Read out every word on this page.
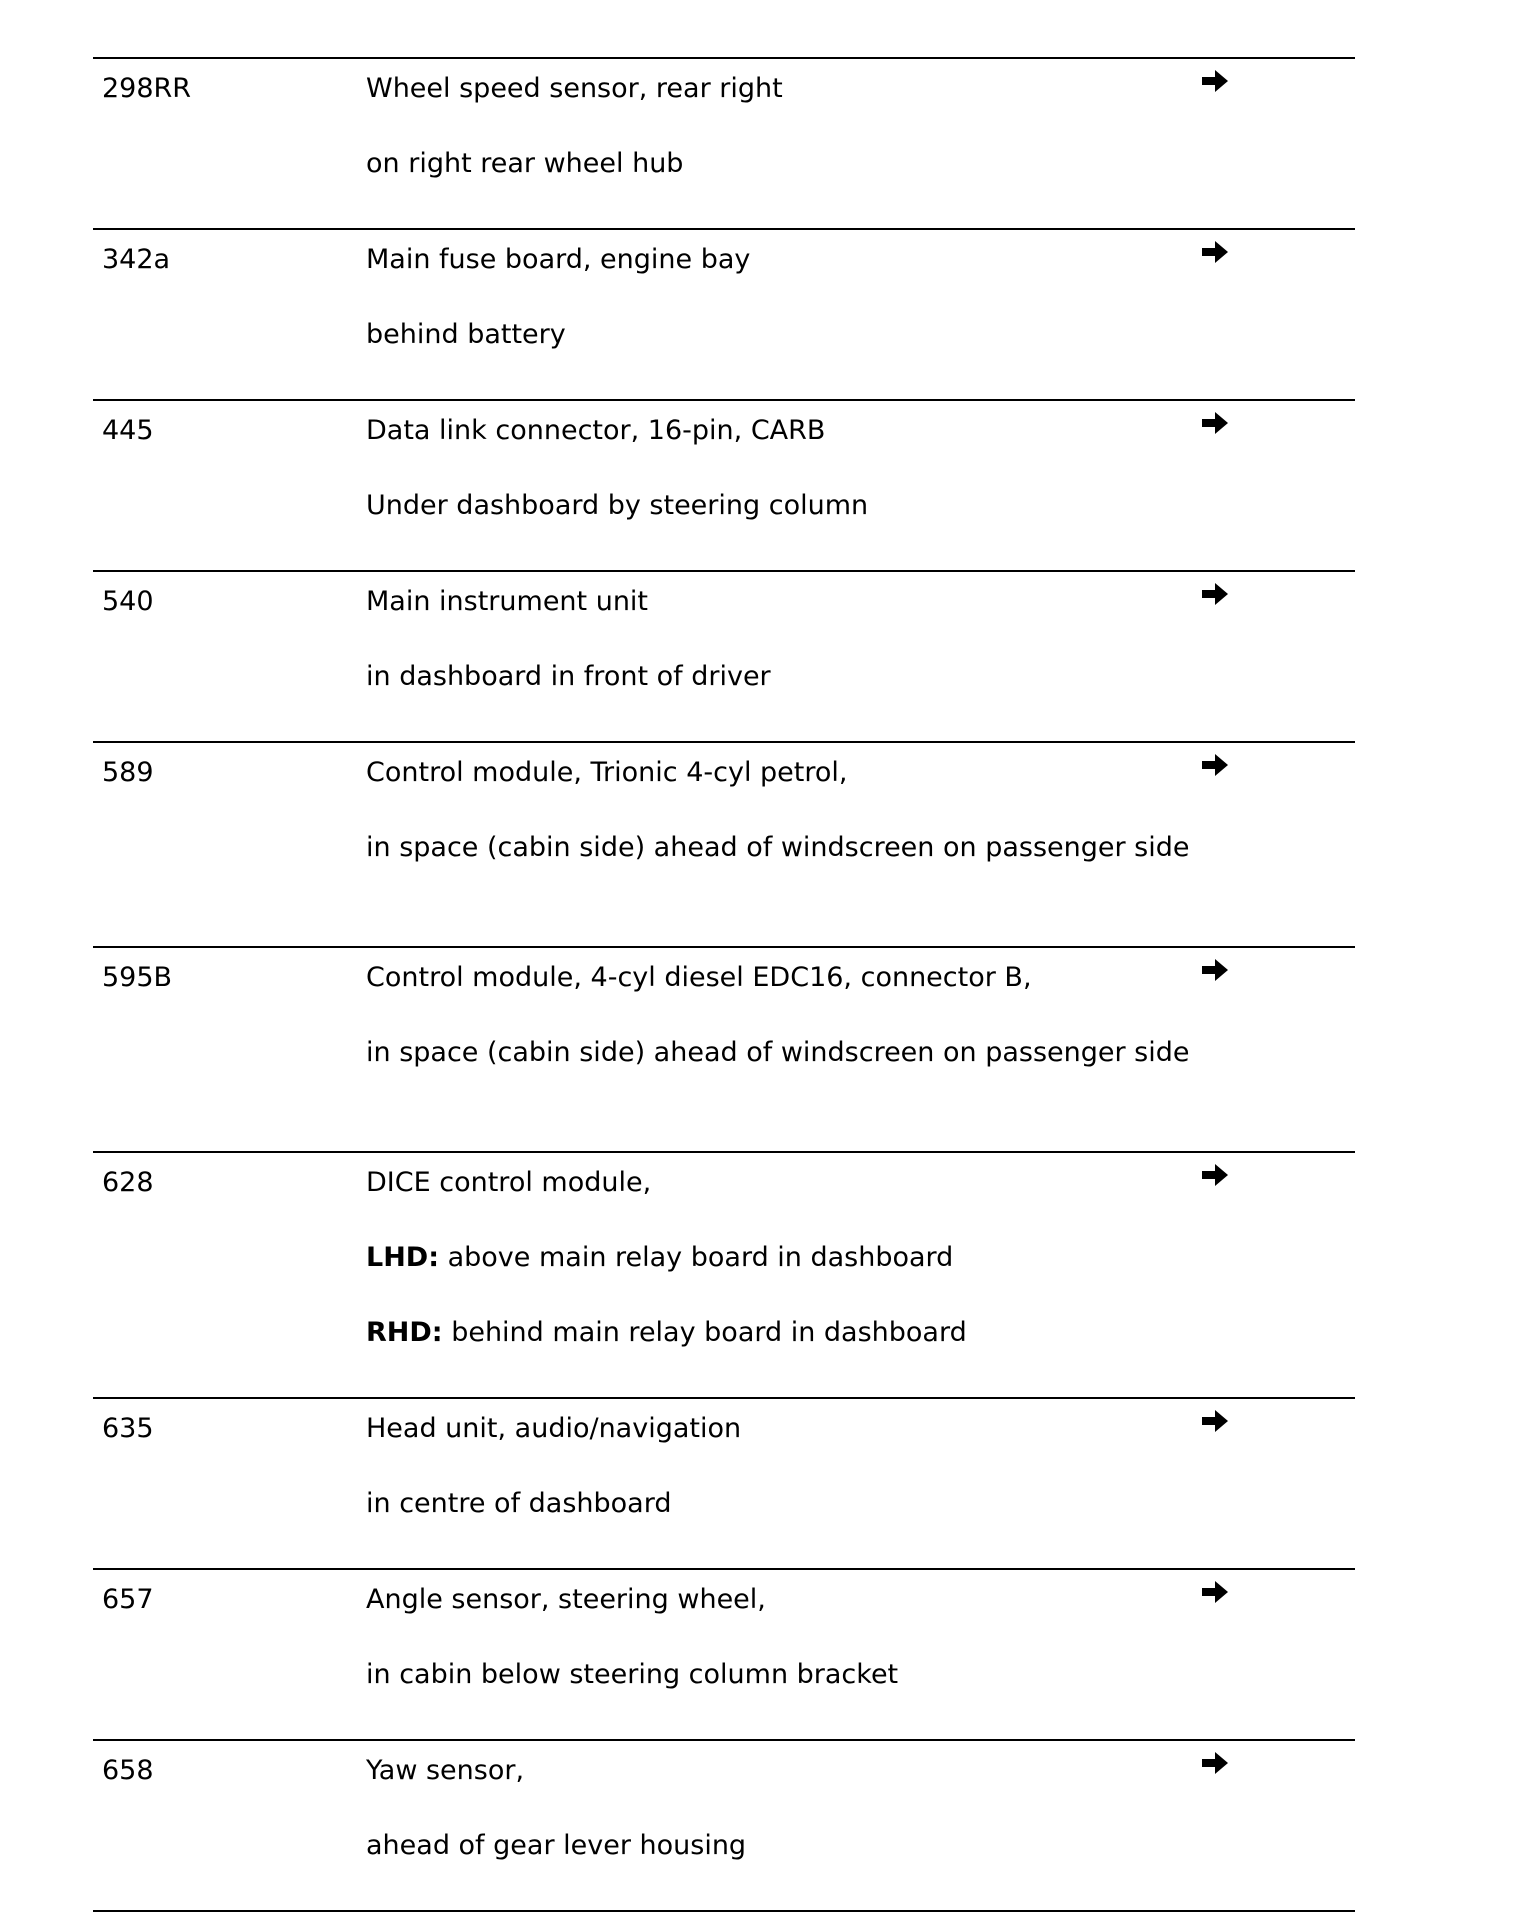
298RR	Wheel speed sensor, rear right

on right rear wheel hub

342a	Main fuse board, engine bay

behind battery

445	Data link connector, 16-pin, CARB

Under dashboard by steering column

540	Main instrument unit

in dashboard in front of driver

589	Control module, Trionic 4-cyl petrol,

in space (cabin side) ahead of windscreen on passenger side

595B	Control module, 4-cyl diesel EDC16, connector B,

in space (cabin side) ahead of windscreen on passenger side

628	DICE control module,

LHD: above main relay board in dashboard

RHD: behind main relay board in dashboard

635	Head unit, audio/navigation

in centre of dashboard

657	Angle sensor, steering wheel,

in cabin below steering column bracket

658	Yaw sensor,

ahead of gear lever housing
